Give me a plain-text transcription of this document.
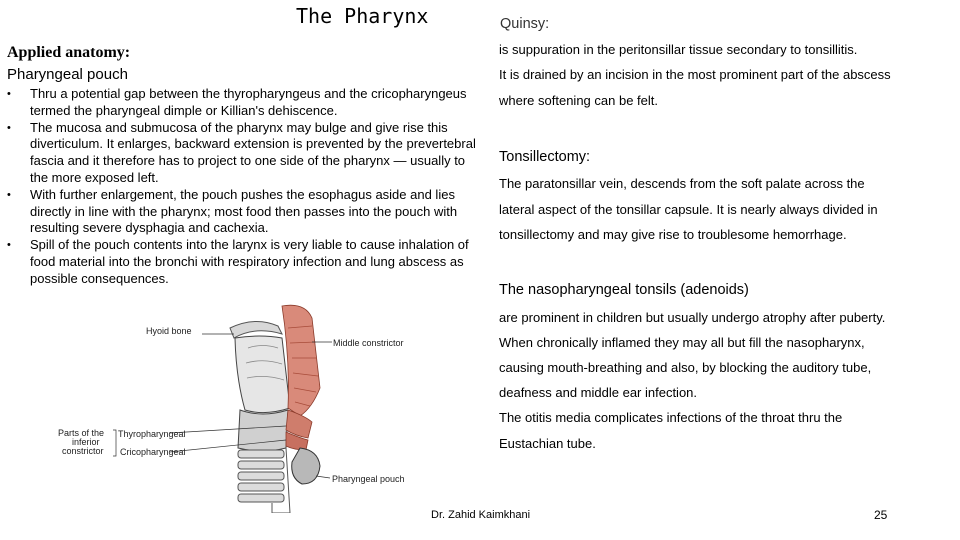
The Pharynx
Applied anatomy:
Pharyngeal pouch
• Thru a potential gap between the thyropharyngeus and the cricopharyngeus termed the pharyngeal dimple or Killian's dehiscence.
• The mucosa and submucosa of the pharynx may bulge and give rise this diverticulum. It enlarges, backward extension is prevented by the prevertebral fascia and it therefore has to project to one side of the pharynx — usually to the more exposed left.
• With further enlargement, the pouch pushes the esophagus aside and lies directly in line with the pharynx; most food then passes into the pouch with resulting severe dysphagia and cachexia.
• Spill of the pouch contents into the larynx is very liable to cause inhalation of food material into the bronchi with respiratory infection and lung abscess as possible consequences.
Quinsy:
is suppuration in the peritonsillar tissue secondary to tonsillitis.
It is drained by an incision in the most prominent part of the abscess
where softening can be felt.
Tonsillectomy:
The paratonsillar vein, descends from the soft palate across the
lateral aspect of the tonsillar capsule. It is nearly always divided in
tonsillectomy and may give rise to troublesome hemorrhage.
The nasopharyngeal tonsils (adenoids)
are prominent in children but usually undergo atrophy after puberty.
When chronically inflamed they may all but fill the nasopharynx,
causing mouth-breathing and also, by blocking the auditory tube,
deafness and middle ear infection.
The otitis media complicates infections of the throat thru the
Eustachian tube.
Hyoid bone
Middle constrictor
Parts of the
inferior
constrictor
Thyropharyngeal
Cricopharyngeal
Pharyngeal pouch
Dr. Zahid Kaimkhani	25
